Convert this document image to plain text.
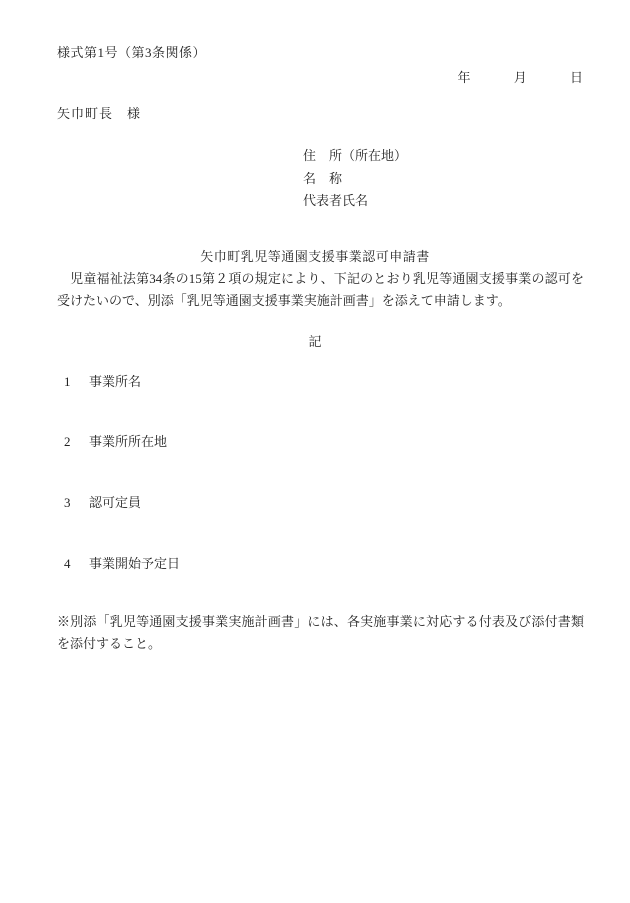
様式第1号（第3条関係）
年	月	日
矢巾町長　様
住　所（所在地）
名　称
代表者氏名
矢巾町乳児等通園支援事業認可申請書
　児童福祉法第34条の15第２項の規定により、下記のとおり乳児等通園支援事業の認可を受けたいので、別添「乳児等通園支援事業実施計画書」を添えて申請します。
記
1 事業所名
2 事業所所在地
3 認可定員
4 事業開始予定日
※別添「乳児等通園支援事業実施計画書」には、各実施事業に対応する付表及び添付書類を添付すること。
